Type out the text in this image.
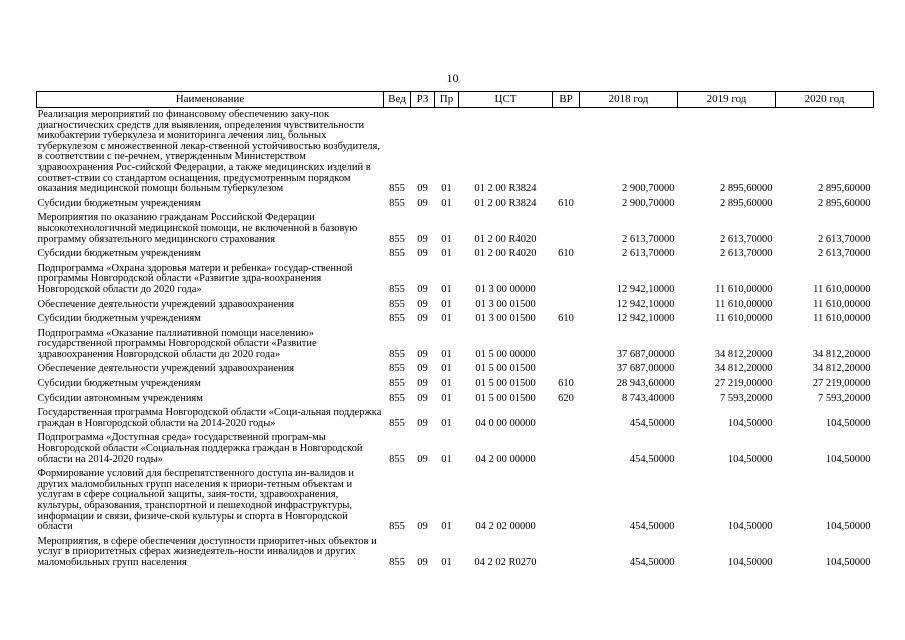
10
Наименование	Вед	РЗ	Пр	ЦСТ	ВР	2018 год	2019 год	2020 год
Реализация мероприятий по финансовому обеспечению заку-пок диагностических средств для выявления, определения чувствительности микобактерии туберкулеза и мониторинга лечения лиц, больных туберкулезом с множественной лекар-ственной устойчивостью возбудителя, в соответствии с пе-речнем, утвержденным Министерством здравоохранения Рос-сийской Федерации, а также медицинских изделий в соответ-ствии со стандартом оснащения, предусмотренным порядком оказания медицинской помощи больным туберкулезом	855	09	01	01 2 00 R3824		2 900,70000	2 895,60000	2 895,60000
Субсидии бюджетным учреждениям	855	09	01	01 2 00 R3824	610	2 900,70000	2 895,60000	2 895,60000
Мероприятия по оказанию гражданам Российской Федерации высокотехнологичной медицинской помощи, не включенной в базовую программу обязательного медицинского страхования	855	09	01	01 2 00 R4020		2 613,70000	2 613,70000	2 613,70000
Субсидии бюджетным учреждениям	855	09	01	01 2 00 R4020	610	2 613,70000	2 613,70000	2 613,70000
Подпрограмма «Охрана здоровья матери и ребенка» государ-ственной программы Новгородской области «Развитие здра-воохранения Новгородской области до 2020 года»	855	09	01	01 3 00 00000		12 942,10000	11 610,00000	11 610,00000
Обеспечение деятельности учреждений здравоохранения	855	09	01	01 3 00 01500		12 942,10000	11 610,00000	11 610,00000
Субсидии бюджетным учреждениям	855	09	01	01 3 00 01500	610	12 942,10000	11 610,00000	11 610,00000
Подпрограмма «Оказание паллиативной помощи населению» государственной программы Новгородской области «Развитие здравоохранения Новгородской области до 2020 года»	855	09	01	01 5 00 00000		37 687,00000	34 812,20000	34 812,20000
Обеспечение деятельности учреждений здравоохранения	855	09	01	01 5 00 01500		37 687,00000	34 812,20000	34 812,20000
Субсидии бюджетным учреждениям	855	09	01	01 5 00 01500	610	28 943,60000	27 219,00000	27 219,00000
Субсидии автономным учреждениям	855	09	01	01 5 00 01500	620	8 743,40000	7 593,20000	7 593,20000
Государственная программа Новгородской области «Соци-альная поддержка граждан в Новгородской области на 2014-2020 годы»	855	09	01	04 0 00 00000		454,50000	104,50000	104,50000
Подпрограмма «Доступная среда» государственной програм-мы Новгородской области «Социальная поддержка граждан в Новгородской области на 2014-2020 годы»	855	09	01	04 2 00 00000		454,50000	104,50000	104,50000
Формирование условий для беспрепятственного доступа ин-валидов и других маломобильных групп населения к приори-тетным объектам и услугам в сфере социальной защиты, заня-тости, здравоохранения, культуры, образования, транспортной и пешеходной инфраструктуры, информации и связи, физиче-ской культуры и спорта в Новгородской области	855	09	01	04 2 02 00000		454,50000	104,50000	104,50000
Мероприятия, в сфере обеспечения доступности приоритет-ных объектов и услуг в приоритетных сферах жизнедеятель-ности инвалидов и других маломобильных групп населения	855	09	01	04 2 02 R0270		454,50000	104,50000	104,50000
